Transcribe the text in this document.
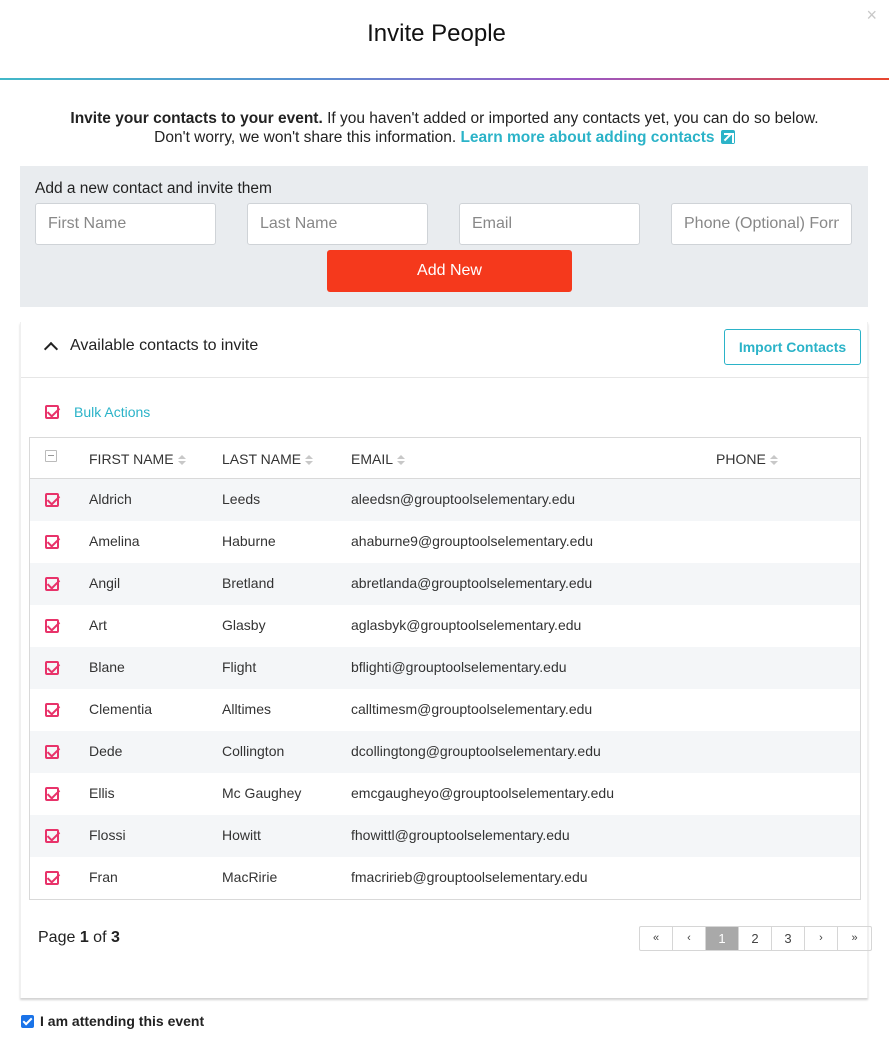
Invite People
×
Invite your contacts to your event. If you haven't added or imported any contacts yet, you can do so below.
Don't worry, we won't share this information. Learn more about adding contacts
Add a new contact and invite them
First Name
Last Name
Email
Phone (Optional) Format
Add New
Available contacts to invite	Import Contacts
Bulk Actions
FIRST NAME	LAST NAME	EMAIL	PHONE
Aldrich	Leeds	aleedsn@grouptoolselementary.edu
Amelina	Haburne	ahaburne9@grouptoolselementary.edu
Angil	Bretland	abretlanda@grouptoolselementary.edu
Art	Glasby	aglasbyk@grouptoolselementary.edu
Blane	Flight	bflighti@grouptoolselementary.edu
Clementia	Alltimes	calltimesm@grouptoolselementary.edu
Dede	Collington	dcollingtong@grouptoolselementary.edu
Ellis	Mc Gaughey	emcgaugheyo@grouptoolselementary.edu
Flossi	Howitt	fhowittl@grouptoolselementary.edu
Fran	MacRirie	fmacririeb@grouptoolselementary.edu
Page 1 of 3	«	‹	1	2	3	›	»
I am attending this event
